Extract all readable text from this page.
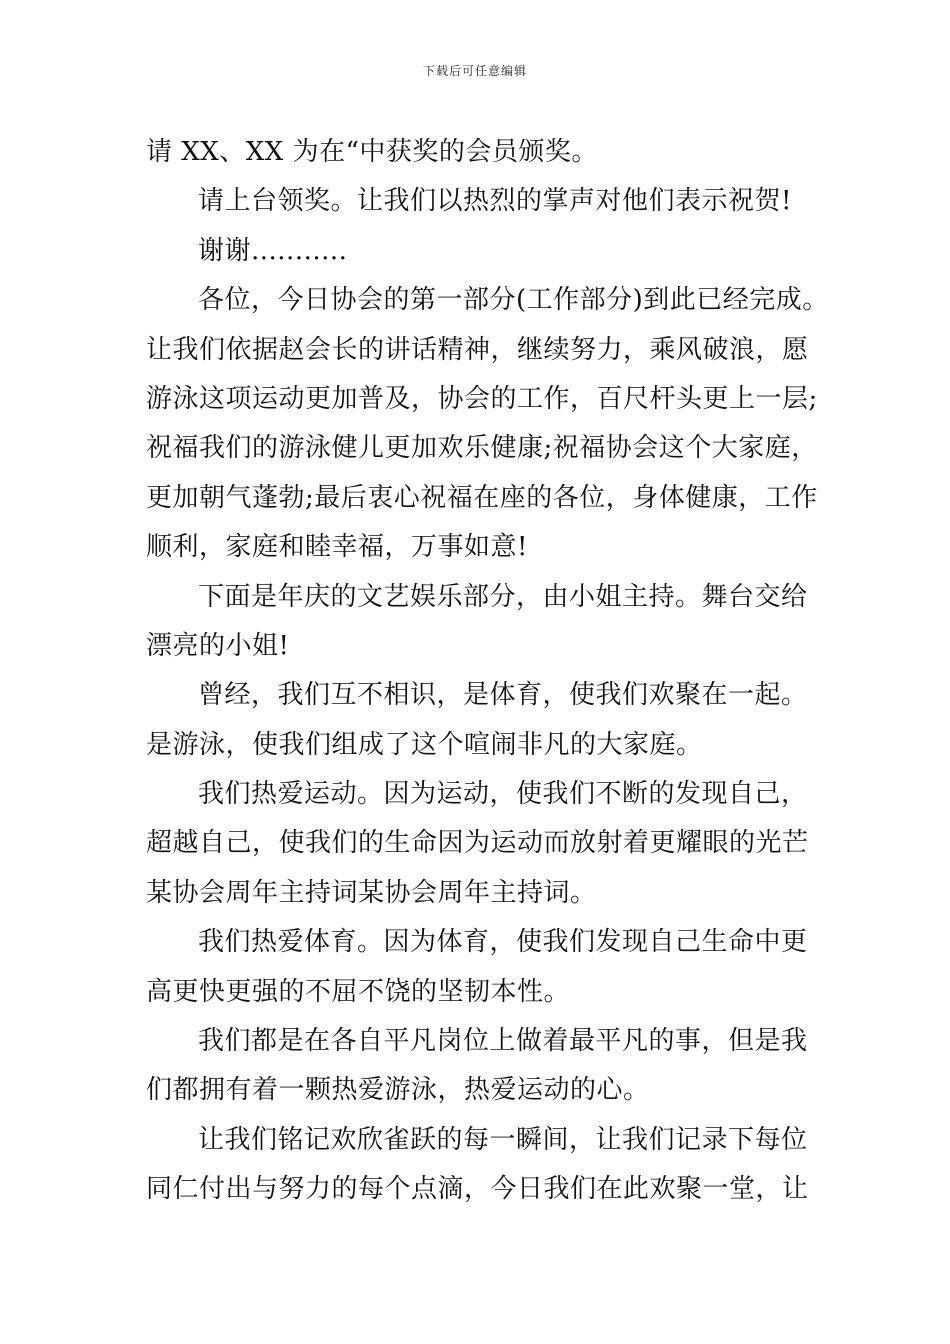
下载后可任意编辑
请 XX、XX 为在“中获奖的会员颁奖。
请上台领奖。让我们以热烈的掌声对他们表示祝贺!
谢谢...........
各位，今日协会的第一部分(工作部分)到此已经完成。
让我们依据赵会长的讲话精神，继续努力，乘风破浪，愿
游泳这项运动更加普及，协会的工作，百尺杆头更上一层;
祝福我们的游泳健儿更加欢乐健康;祝福协会这个大家庭，
更加朝气蓬勃;最后衷心祝福在座的各位，身体健康，工作
顺利，家庭和睦幸福，万事如意!
下面是年庆的文艺娱乐部分，由小姐主持。舞台交给
漂亮的小姐!
曾经，我们互不相识，是体育，使我们欢聚在一起。
是游泳，使我们组成了这个喧闹非凡的大家庭。
我们热爱运动。因为运动，使我们不断的发现自己，
超越自己，使我们的生命因为运动而放射着更耀眼的光芒
某协会周年主持词某协会周年主持词。
我们热爱体育。因为体育，使我们发现自己生命中更
高更快更强的不屈不饶的坚韧本性。
我们都是在各自平凡岗位上做着最平凡的事，但是我
们都拥有着一颗热爱游泳，热爱运动的心。
让我们铭记欢欣雀跃的每一瞬间，让我们记录下每位
同仁付出与努力的每个点滴，今日我们在此欢聚一堂，让
